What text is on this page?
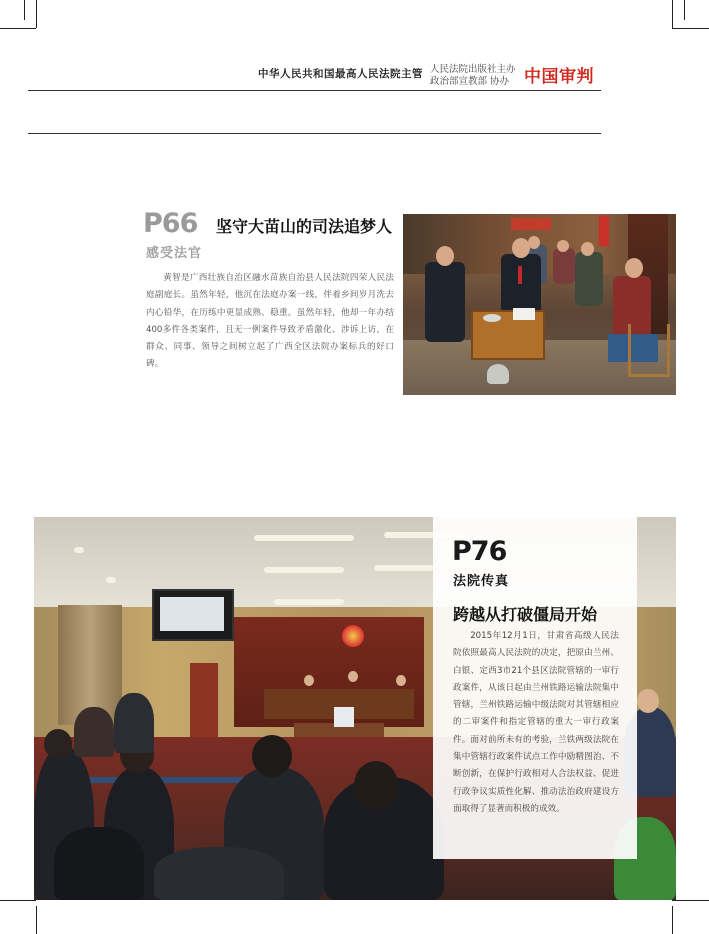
中华人民共和国最高人民法院主管 人民法院出版社主办
政治部宣教部 协办 中国审判
P66
感受法官
坚守大苗山的司法追梦人
黄智是广西壮族自治区融水苗族自治县人民法院四荣人民法庭副庭长。虽然年轻，他沉在法庭办案一线，伴着乡间岁月洗去内心铅华，在历练中更显成熟、稳重。虽然年轻，他却一年办结400多件各类案件，且无一例案件导致矛盾激化、涉诉上访，在群众、同事、领导之间树立起了广西全区法院办案标兵的好口碑。
P76
法院传真
跨越从打破僵局开始
2015年12月1日，甘肃省高级人民法院依照最高人民法院的决定，把原由兰州、白银、定西3市21个县区法院管辖的一审行政案件，从该日起由兰州铁路运输法院集中管辖，兰州铁路运输中级法院对其管辖相应的二审案件和指定管辖的重大一审行政案件。面对前所未有的考验，兰铁两级法院在集中管辖行政案件试点工作中励精图治、不断创新，在保护行政相对人合法权益、促进行政争议实质性化解、推动法治政府建设方面取得了显著而积极的成效。
